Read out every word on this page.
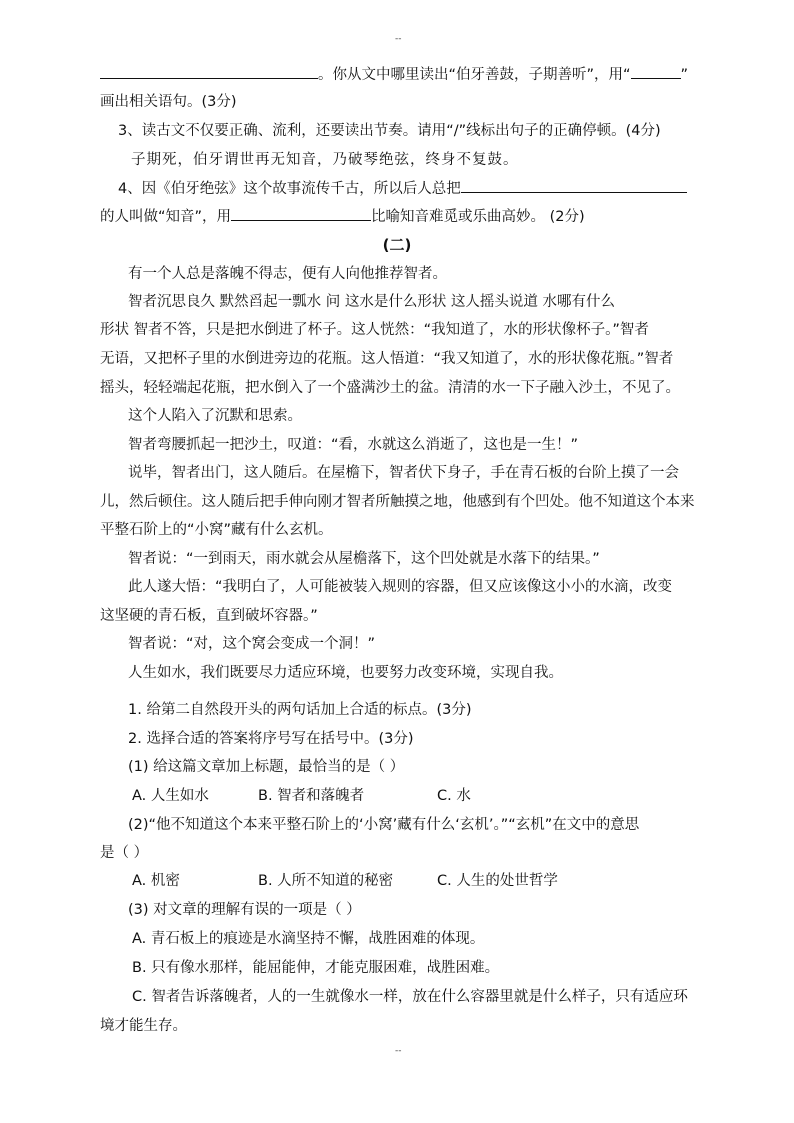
--
。你从文中哪里读出“伯牙善鼓，子期善听”，用“	”
画出相关语句。(3分)
3、读古文不仅要正确、流利，还要读出节奏。请用“/”线标出句子的正确停顿。(4分)
子期死，伯牙谓世再无知音，乃破琴绝弦，终身不复鼓。
4、因《伯牙绝弦》这个故事流传千古，所以后人总把
的人叫做“知音”，用	比喻知音难觅或乐曲高妙。 (2分)
(二)
有一个人总是落魄不得志，便有人向他推荐智者。
智者沉思良久 默然舀起一瓢水 问 这水是什么形状 这人摇头说道 水哪有什么
形状 智者不答，只是把水倒进了杯子。这人恍然：“我知道了，水的形状像杯子。”智者
无语，又把杯子里的水倒进旁边的花瓶。这人悟道：“我又知道了，水的形状像花瓶。”智者
摇头，轻轻端起花瓶，把水倒入了一个盛满沙土的盆。清清的水一下子融入沙土，不见了。
这个人陷入了沉默和思索。
智者弯腰抓起一把沙土，叹道：“看，水就这么消逝了，这也是一生！”
说毕，智者出门，这人随后。在屋檐下，智者伏下身子，手在青石板的台阶上摸了一会
儿，然后顿住。这人随后把手伸向刚才智者所触摸之地，他感到有个凹处。他不知道这个本来
平整石阶上的“小窝”藏有什么玄机。
智者说：“一到雨天，雨水就会从屋檐落下，这个凹处就是水落下的结果。”
此人遂大悟：“我明白了，人可能被装入规则的容器，但又应该像这小小的水滴，改变
这坚硬的青石板，直到破坏容器。”
智者说：“对，这个窝会变成一个洞！”
人生如水，我们既要尽力适应环境，也要努力改变环境，实现自我。
1. 给第二自然段开头的两句话加上合适的标点。(3分)
2. 选择合适的答案将序号写在括号中。(3分)
(1) 给这篇文章加上标题，最恰当的是（ ）
A. 人生如水	B. 智者和落魄者	C. 水
(2)“他不知道这个本来平整石阶上的‘小窝’藏有什么‘玄机’。”“玄机”在文中的意思
是（ ）
A. 机密	B. 人所不知道的秘密	C. 人生的处世哲学
(3) 对文章的理解有误的一项是（ ）
A. 青石板上的痕迹是水滴坚持不懈，战胜困难的体现。
B. 只有像水那样，能屈能伸，才能克服困难，战胜困难。
C. 智者告诉落魄者，人的一生就像水一样，放在什么容器里就是什么样子，只有适应环
境才能生存。
--
